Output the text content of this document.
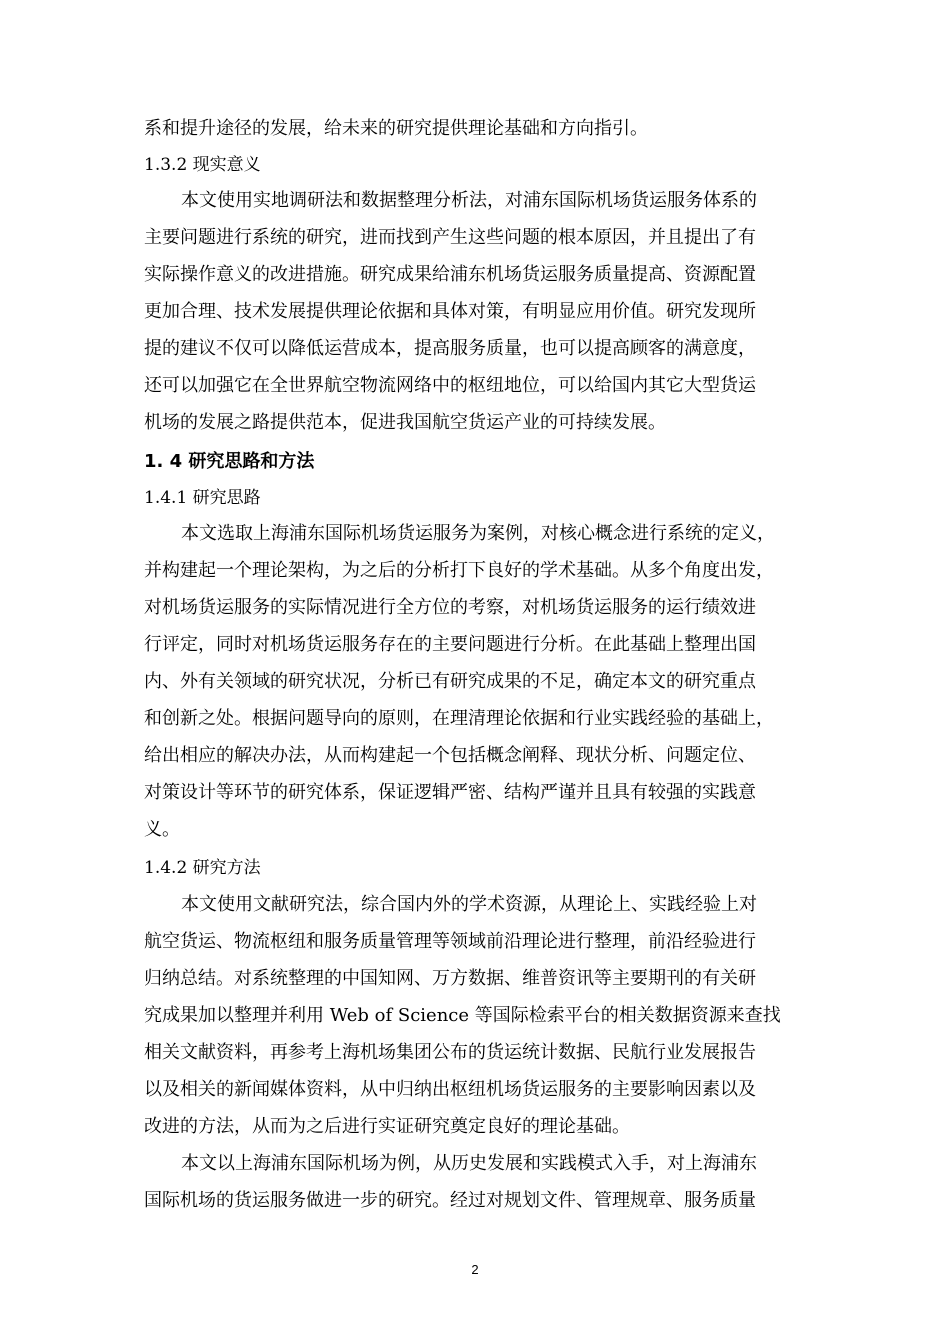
系和提升途径的发展，给未来的研究提供理论基础和方向指引。
1.3.2 现实意义
本文使用实地调研法和数据整理分析法，对浦东国际机场货运服务体系的
主要问题进行系统的研究，进而找到产生这些问题的根本原因，并且提出了有
实际操作意义的改进措施。研究成果给浦东机场货运服务质量提高、资源配置
更加合理、技术发展提供理论依据和具体对策，有明显应用价值。研究发现所
提的建议不仅可以降低运营成本，提高服务质量，也可以提高顾客的满意度，
还可以加强它在全世界航空物流网络中的枢纽地位，可以给国内其它大型货运
机场的发展之路提供范本，促进我国航空货运产业的可持续发展。
1. 4 研究思路和方法
1.4.1 研究思路
本文选取上海浦东国际机场货运服务为案例，对核心概念进行系统的定义，
并构建起一个理论架构，为之后的分析打下良好的学术基础。从多个角度出发，
对机场货运服务的实际情况进行全方位的考察，对机场货运服务的运行绩效进
行评定，同时对机场货运服务存在的主要问题进行分析。在此基础上整理出国
内、外有关领域的研究状况，分析已有研究成果的不足，确定本文的研究重点
和创新之处。根据问题导向的原则，在理清理论依据和行业实践经验的基础上，
给出相应的解决办法，从而构建起一个包括概念阐释、现状分析、问题定位、
对策设计等环节的研究体系，保证逻辑严密、结构严谨并且具有较强的实践意
义。
1.4.2 研究方法
本文使用文献研究法，综合国内外的学术资源，从理论上、实践经验上对
航空货运、物流枢纽和服务质量管理等领域前沿理论进行整理，前沿经验进行
归纳总结。对系统整理的中国知网、万方数据、维普资讯等主要期刊的有关研
究成果加以整理并利用 Web of Science 等国际检索平台的相关数据资源来查找
相关文献资料，再参考上海机场集团公布的货运统计数据、民航行业发展报告
以及相关的新闻媒体资料，从中归纳出枢纽机场货运服务的主要影响因素以及
改进的方法，从而为之后进行实证研究奠定良好的理论基础。
本文以上海浦东国际机场为例，从历史发展和实践模式入手，对上海浦东
国际机场的货运服务做进一步的研究。经过对规划文件、管理规章、服务质量
2
